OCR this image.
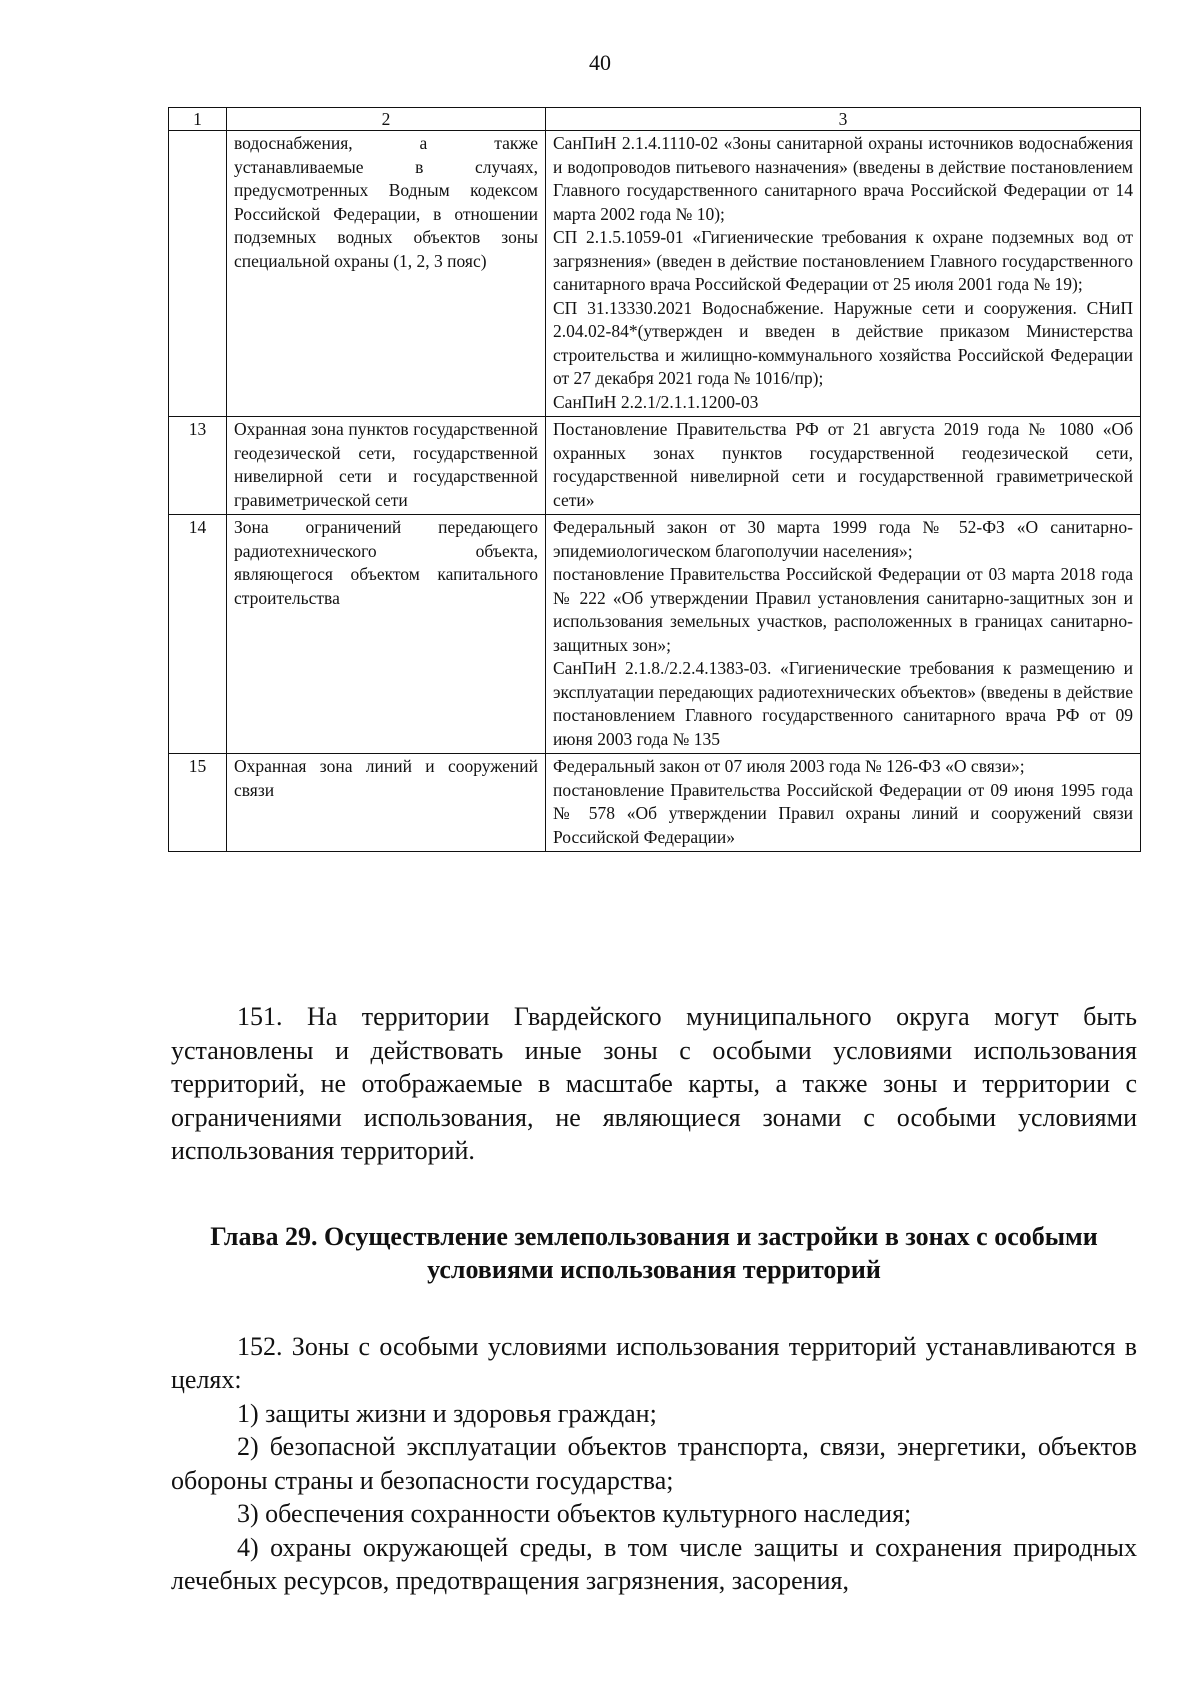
40
1	2	3
	водоснабжения, а также устанавливаемые в случаях, предусмотренных Водным кодексом Российской Федерации, в отношении подземных водных объектов зоны специальной охраны (1, 2, 3 пояс)	СанПиН 2.1.4.1110-02 «Зоны санитарной охраны источников водоснабжения и водопроводов питьевого назначения» (введены в действие постановлением Главного государственного санитарного врача Российской Федерации от 14 марта 2002 года № 10);
СП 2.1.5.1059-01 «Гигиенические требования к охране подземных вод от загрязнения» (введен в действие постановлением Главного государственного санитарного врача Российской Федерации от 25 июля 2001 года № 19);
СП 31.13330.2021 Водоснабжение. Наружные сети и сооружения. СНиП 2.04.02-84*(утвержден и введен в действие приказом Министерства строительства и жилищно-коммунального хозяйства Российской Федерации от 27 декабря 2021 года № 1016/пр);
СанПиН 2.2.1/2.1.1.1200-03

13	Охранная зона пунктов государственной геодезической сети, государственной нивелирной сети и государственной гравиметрической сети	Постановление Правительства РФ от 21 августа 2019 года № 1080 «Об охранных зонах пунктов государственной геодезической сети, государственной нивелирной сети и государственной гравиметрической сети»

14	Зона ограничений передающего радиотехнического объекта, являющегося объектом капитального строительства	Федеральный закон от 30 марта 1999 года № 52-ФЗ «О санитарно-эпидемиологическом благополучии населения»;
постановление Правительства Российской Федерации от 03 марта 2018 года № 222 «Об утверждении Правил установления санитарно-защитных зон и использования земельных участков, расположенных в границах санитарно-защитных зон»;
СанПиН 2.1.8./2.2.4.1383-03. «Гигиенические требования к размещению и эксплуатации передающих радиотехнических объектов» (введены в действие постановлением Главного государственного санитарного врача РФ от 09 июня 2003 года № 135

15	Охранная зона линий и сооружений связи	Федеральный закон от 07 июля 2003 года № 126-ФЗ «О связи»;
постановление Правительства Российской Федерации от 09 июня 1995 года № 578 «Об утверждении Правил охраны линий и сооружений связи Российской Федерации»

151. На территории Гвардейского муниципального округа могут быть установлены и действовать иные зоны с особыми условиями использования территорий, не отображаемые в масштабе карты, а также зоны и территории с ограничениями использования, не являющиеся зонами с особыми условиями использования территорий.

Глава 29. Осуществление землепользования и застройки в зонах с особыми условиями использования территорий

152. Зоны с особыми условиями использования территорий устанавливаются в целях:

1) защиты жизни и здоровья граждан;

2) безопасной эксплуатации объектов транспорта, связи, энергетики, объектов обороны страны и безопасности государства;

3) обеспечения сохранности объектов культурного наследия;

4) охраны окружающей среды, в том числе защиты и сохранения природных лечебных ресурсов, предотвращения загрязнения, засорения,
